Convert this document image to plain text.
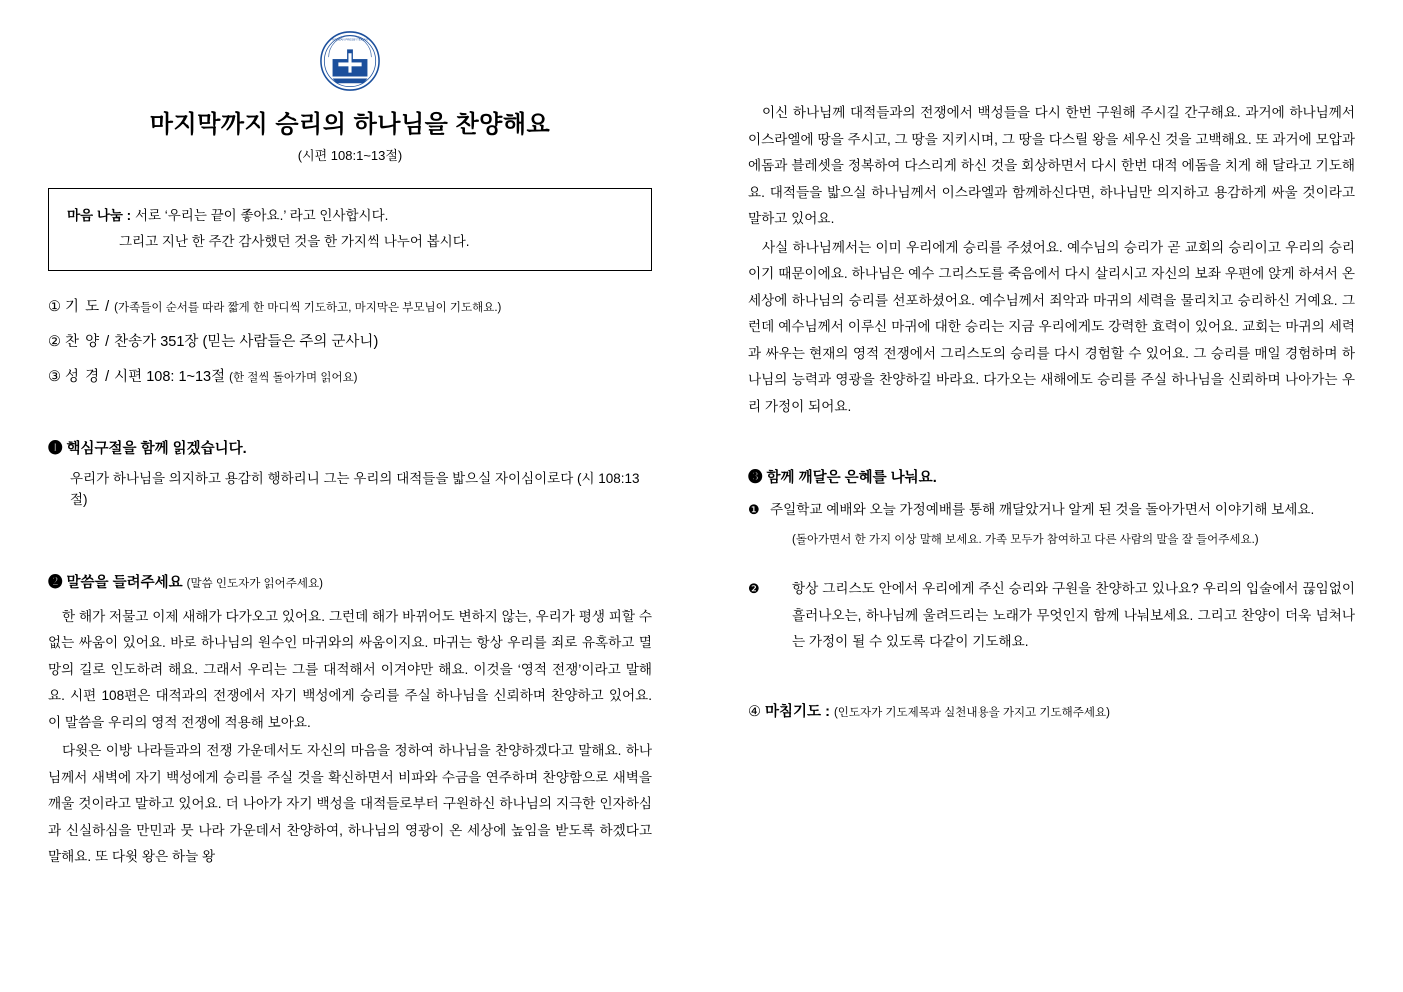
KOREAN PRESBYTERIAN
마지막까지 승리의 하나님을 찬양해요
(시편 108:1~13절)
마음 나눔 : 서로 ‘우리는 끝이 좋아요.’ 라고 인사합시다.
그리고 지난 한 주간 감사했던 것을 한 가지씩 나누어 봅시다.
① 기 도 / (가족들이 순서를 따라 짧게 한 마디씩 기도하고, 마지막은 부모님이 기도해요.)
② 찬 양 / 찬송가 351장 (믿는 사람들은 주의 군사니)
③ 성 경 / 시편 108: 1~13절 (한 절씩 돌아가며 읽어요)
❶ 핵심구절을 함께 읽겠습니다.
우리가 하나님을 의지하고 용감히 행하리니 그는 우리의 대적들을 밟으실 자이심이로다 (시 108:13절)
❷ 말씀을 들려주세요 (말씀 인도자가 읽어주세요)

한 해가 저물고 이제 새해가 다가오고 있어요. 그런데 해가 바뀌어도 변하지 않는, 우리가 평생 피할 수 없는 싸움이 있어요. 바로 하나님의 원수인 마귀와의 싸움이지요. 마귀는 항상 우리를 죄로 유혹하고 멸망의 길로 인도하려 해요. 그래서 우리는 그를 대적해서 이겨야만 해요. 이것을 ‘영적 전쟁’이라고 말해요. 시편 108편은 대적과의 전쟁에서 자기 백성에게 승리를 주실 하나님을 신뢰하며 찬양하고 있어요. 이 말씀을 우리의 영적 전쟁에 적용해 보아요.

다윗은 이방 나라들과의 전쟁 가운데서도 자신의 마음을 정하여 하나님을 찬양하겠다고 말해요. 하나님께서 새벽에 자기 백성에게 승리를 주실 것을 확신하면서 비파와 수금을 연주하며 찬양함으로 새벽을 깨울 것이라고 말하고 있어요. 더 나아가 자기 백성을 대적들로부터 구원하신 하나님의 지극한 인자하심과 신실하심을 만민과 뭇 나라 가운데서 찬양하여, 하나님의 영광이 온 세상에 높임을 받도록 하겠다고 말해요. 또 다윗 왕은 하늘 왕

이신 하나님께 대적들과의 전쟁에서 백성들을 다시 한번 구원해 주시길 간구해요. 과거에 하나님께서 이스라엘에 땅을 주시고, 그 땅을 지키시며, 그 땅을 다스릴 왕을 세우신 것을 고백해요. 또 과거에 모압과 에돔과 블레셋을 정복하여 다스리게 하신 것을 회상하면서 다시 한번 대적 에돔을 치게 해 달라고 기도해요. 대적들을 밟으실 하나님께서 이스라엘과 함께하신다면, 하나님만 의지하고 용감하게 싸울 것이라고 말하고 있어요.

사실 하나님께서는 이미 우리에게 승리를 주셨어요. 예수님의 승리가 곧 교회의 승리이고 우리의 승리이기 때문이에요. 하나님은 예수 그리스도를 죽음에서 다시 살리시고 자신의 보좌 우편에 앉게 하셔서 온 세상에 하나님의 승리를 선포하셨어요. 예수님께서 죄악과 마귀의 세력을 물리치고 승리하신 거예요. 그런데 예수님께서 이루신 마귀에 대한 승리는 지금 우리에게도 강력한 효력이 있어요. 교회는 마귀의 세력과 싸우는 현재의 영적 전쟁에서 그리스도의 승리를 다시 경험할 수 있어요. 그 승리를 매일 경험하며 하나님의 능력과 영광을 찬양하길 바라요. 다가오는 새해에도 승리를 주실 하나님을 신뢰하며 나아가는 우리 가정이 되어요.

❸ 함께 깨달은 은혜를 나눠요.
❶ 주일학교 예배와 오늘 가정예배를 통해 깨달았거나 알게 된 것을 돌아가면서 이야기해 보세요.
(돌아가면서 한 가지 이상 말해 보세요. 가족 모두가 참여하고 다른 사람의 말을 잘 들어주세요.)
❷ 항상 그리스도 안에서 우리에게 주신 승리와 구원을 찬양하고 있나요? 우리의 입술에서 끊임없이 흘러나오는, 하나님께 울려드리는 노래가 무엇인지 함께 나눠보세요. 그리고 찬양이 더욱 넘쳐나는 가정이 될 수 있도록 다같이 기도해요.
④ 마침기도 : (인도자가 기도제목과 실천내용을 가지고 기도해주세요)
